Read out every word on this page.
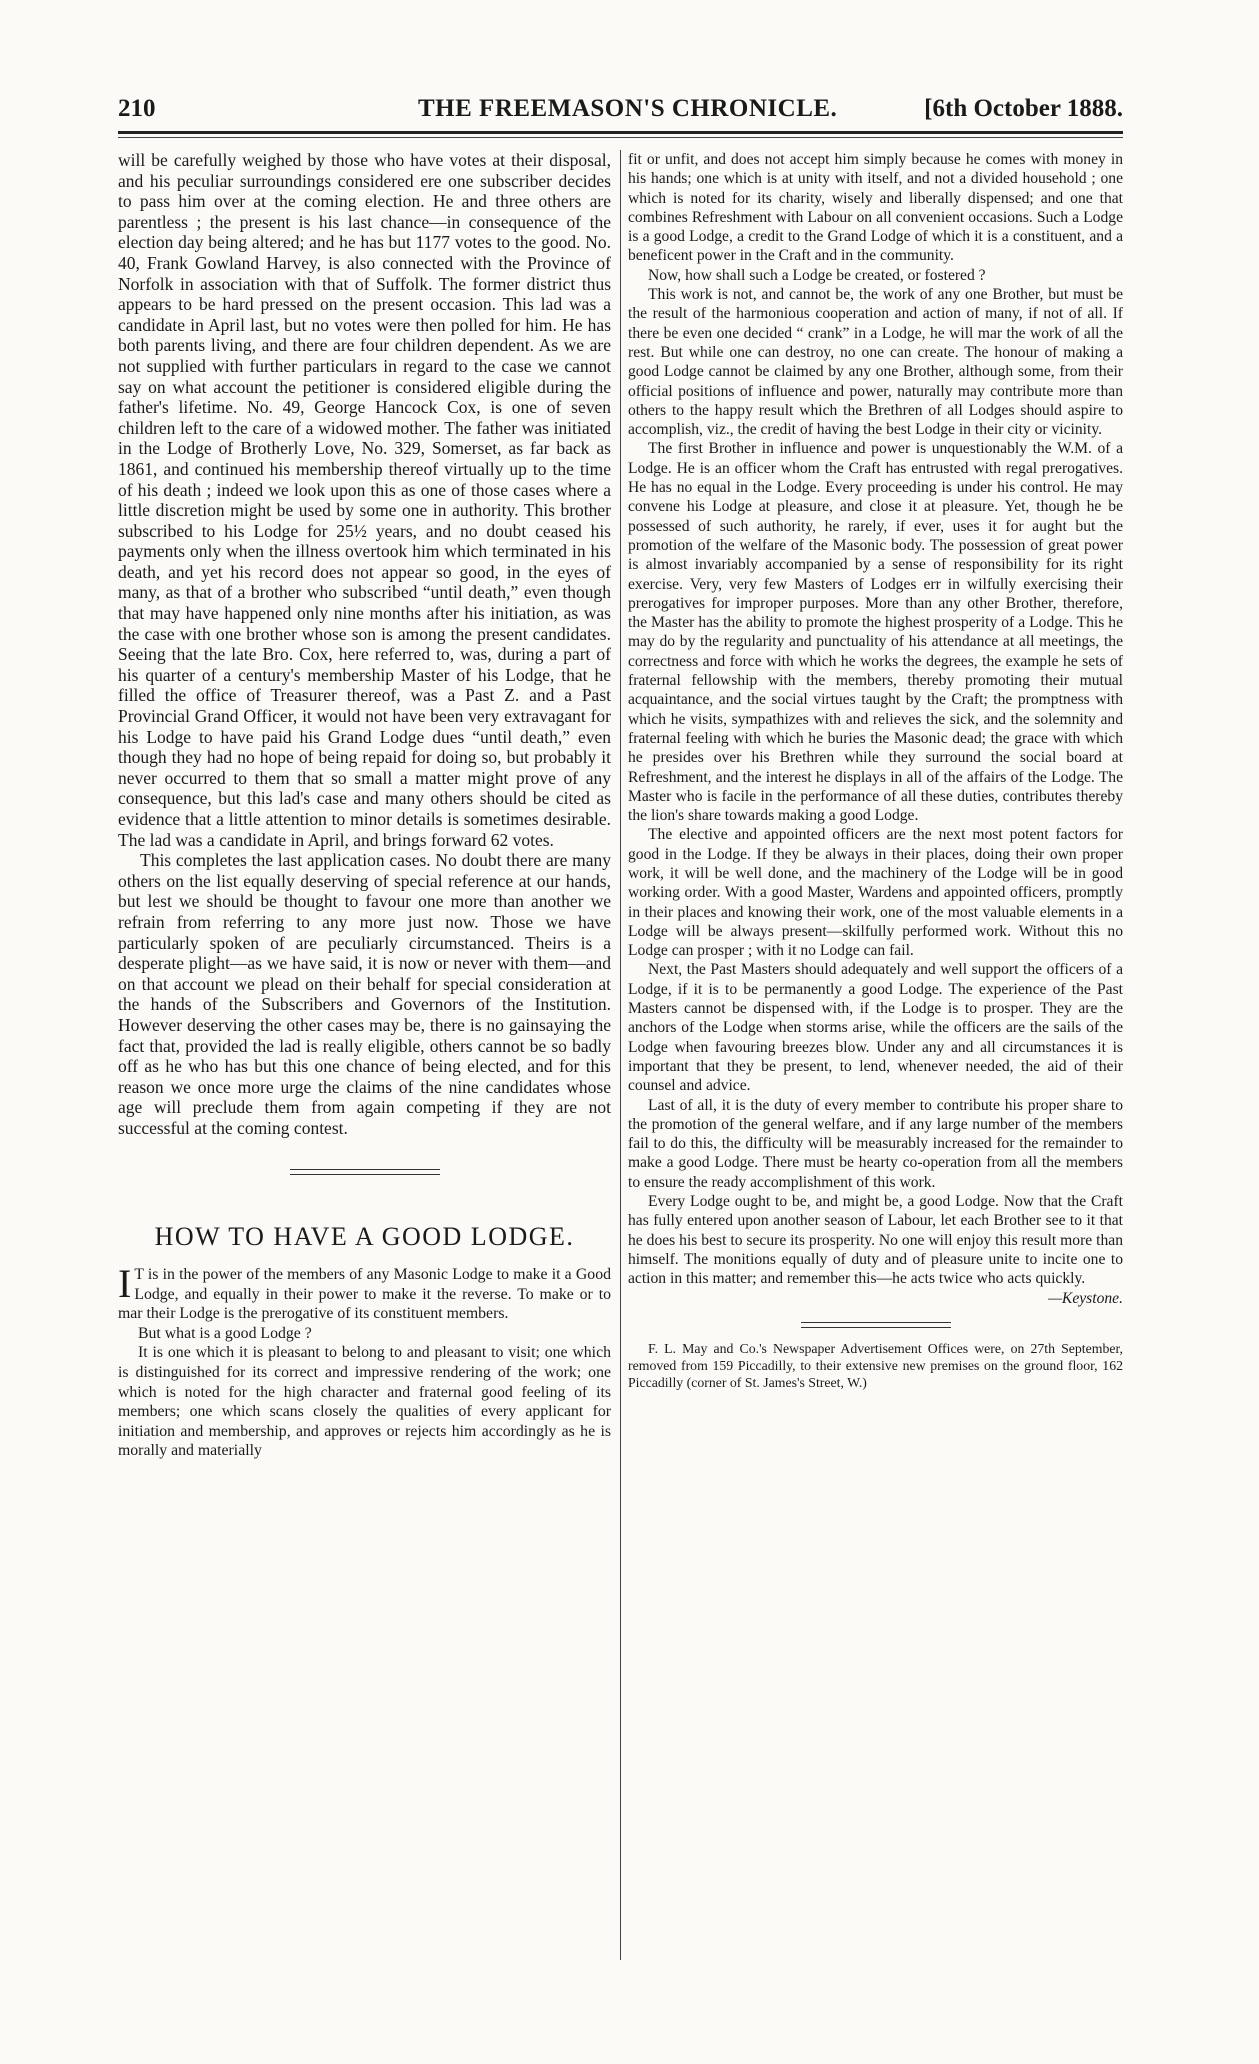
210	THE FREEMASON'S CHRONICLE.	[6th October 1888.

will be carefully weighed by those who have votes at their disposal, and his peculiar surroundings considered ere one subscriber decides to pass him over at the coming election. He and three others are parentless ; the present is his last chance—in consequence of the election day being altered; and he has but 1177 votes to the good. No. 40, Frank Gowland Harvey, is also connected with the Province of Norfolk in association with that of Suffolk. The former district thus appears to be hard pressed on the present occasion. This lad was a candidate in April last, but no votes were then polled for him. He has both parents living, and there are four children dependent. As we are not supplied with further particulars in regard to the case we cannot say on what account the petitioner is considered eligible during the father's lifetime. No. 49, George Hancock Cox, is one of seven children left to the care of a widowed mother. The father was initiated in the Lodge of Brotherly Love, No. 329, Somerset, as far back as 1861, and continued his membership thereof virtually up to the time of his death ; indeed we look upon this as one of those cases where a little discretion might be used by some one in authority. This brother subscribed to his Lodge for 25½ years, and no doubt ceased his payments only when the illness overtook him which terminated in his death, and yet his record does not appear so good, in the eyes of many, as that of a brother who subscribed “until death,” even though that may have happened only nine months after his initiation, as was the case with one brother whose son is among the present candidates. Seeing that the late Bro. Cox, here referred to, was, during a part of his quarter of a century's membership Master of his Lodge, that he filled the office of Treasurer thereof, was a Past Z. and a Past Provincial Grand Officer, it would not have been very extravagant for his Lodge to have paid his Grand Lodge dues “until death,” even though they had no hope of being repaid for doing so, but probably it never occurred to them that so small a matter might prove of any consequence, but this lad's case and many others should be cited as evidence that a little attention to minor details is sometimes desirable. The lad was a candidate in April, and brings forward 62 votes.

This completes the last application cases. No doubt there are many others on the list equally deserving of special reference at our hands, but lest we should be thought to favour one more than another we refrain from referring to any more just now. Those we have particularly spoken of are peculiarly circumstanced. Theirs is a desperate plight—as we have said, it is now or never with them—and on that account we plead on their behalf for special consideration at the hands of the Subscribers and Governors of the Institution. However deserving the other cases may be, there is no gainsaying the fact that, provided the lad is really eligible, others cannot be so badly off as he who has but this one chance of being elected, and for this reason we once more urge the claims of the nine candidates whose age will preclude them from again competing if they are not successful at the coming contest.

HOW TO HAVE A GOOD LODGE.

I T is in the power of the members of any Masonic Lodge to make it a Good Lodge, and equally in their power to make it the reverse. To make or to mar their Lodge is the prerogative of its constituent members.

But what is a good Lodge ?

It is one which it is pleasant to belong to and pleasant to visit; one which is distinguished for its correct and impressive rendering of the work; one which is noted for the high character and fraternal good feeling of its members; one which scans closely the qualities of every applicant for initiation and membership, and approves or rejects him accordingly as he is morally and materially

fit or unfit, and does not accept him simply because he comes with money in his hands; one which is at unity with itself, and not a divided household ; one which is noted for its charity, wisely and liberally dispensed; and one that combines Refreshment with Labour on all convenient occasions. Such a Lodge is a good Lodge, a credit to the Grand Lodge of which it is a constituent, and a beneficent power in the Craft and in the community.

Now, how shall such a Lodge be created, or fostered ?

This work is not, and cannot be, the work of any one Brother, but must be the result of the harmonious cooperation and action of many, if not of all. If there be even one decided “ crank” in a Lodge, he will mar the work of all the rest. But while one can destroy, no one can create. The honour of making a good Lodge cannot be claimed by any one Brother, although some, from their official positions of influence and power, naturally may contribute more than others to the happy result which the Brethren of all Lodges should aspire to accomplish, viz., the credit of having the best Lodge in their city or vicinity.

The first Brother in influence and power is unquestionably the W.M. of a Lodge. He is an officer whom the Craft has entrusted with regal prerogatives. He has no equal in the Lodge. Every proceeding is under his control. He may convene his Lodge at pleasure, and close it at pleasure. Yet, though he be possessed of such authority, he rarely, if ever, uses it for aught but the promotion of the welfare of the Masonic body. The possession of great power is almost invariably accompanied by a sense of responsibility for its right exercise. Very, very few Masters of Lodges err in wilfully exercising their prerogatives for improper purposes. More than any other Brother, therefore, the Master has the ability to promote the highest prosperity of a Lodge. This he may do by the regularity and punctuality of his attendance at all meetings, the correctness and force with which he works the degrees, the example he sets of fraternal fellowship with the members, thereby promoting their mutual acquaintance, and the social virtues taught by the Craft; the promptness with which he visits, sympathizes with and relieves the sick, and the solemnity and fraternal feeling with which he buries the Masonic dead; the grace with which he presides over his Brethren while they surround the social board at Refreshment, and the interest he displays in all of the affairs of the Lodge. The Master who is facile in the performance of all these duties, contributes thereby the lion's share towards making a good Lodge.

The elective and appointed officers are the next most potent factors for good in the Lodge. If they be always in their places, doing their own proper work, it will be well done, and the machinery of the Lodge will be in good working order. With a good Master, Wardens and appointed officers, promptly in their places and knowing their work, one of the most valuable elements in a Lodge will be always present—skilfully performed work. Without this no Lodge can prosper ; with it no Lodge can fail.

Next, the Past Masters should adequately and well support the officers of a Lodge, if it is to be permanently a good Lodge. The experience of the Past Masters cannot be dispensed with, if the Lodge is to prosper. They are the anchors of the Lodge when storms arise, while the officers are the sails of the Lodge when favouring breezes blow. Under any and all circumstances it is important that they be present, to lend, whenever needed, the aid of their counsel and advice.

Last of all, it is the duty of every member to contribute his proper share to the promotion of the general welfare, and if any large number of the members fail to do this, the difficulty will be measurably increased for the remainder to make a good Lodge. There must be hearty co-operation from all the members to ensure the ready accomplishment of this work.

Every Lodge ought to be, and might be, a good Lodge. Now that the Craft has fully entered upon another season of Labour, let each Brother see to it that he does his best to secure its prosperity. No one will enjoy this result more than himself. The monitions equally of duty and of pleasure unite to incite one to action in this matter; and remember this—he acts twice who acts quickly.

—Keystone.

F. L. May and Co.'s Newspaper Advertisement Offices were, on 27th September, removed from 159 Piccadilly, to their extensive new premises on the ground floor, 162 Piccadilly (corner of St. James's Street, W.)
